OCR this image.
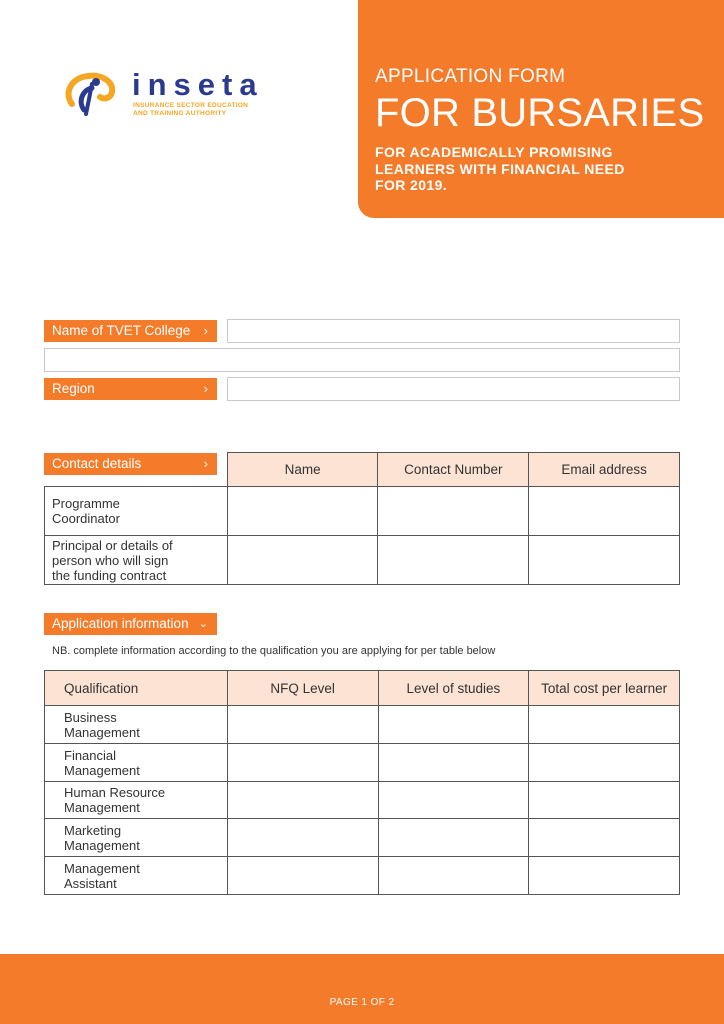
inseta
INSURANCE SECTOR EDUCATION
AND TRAINING AUTHORITY
APPLICATION FORM
FOR BURSARIES
FOR ACADEMICALLY PROMISING
LEARNERS WITH FINANCIAL NEED
FOR 2019.
Name of TVET College ›
Region	›
Contact details	›
		Name	Contact Number	Email address

Programme
Coordinator			

Principal or details of
person who will sign
the funding contract			

Application information ⌄
NB. complete information according to the qualification you are applying for per table below
Qualification	NFQ Level	Level of studies	Total cost per learner

Business
Management			

Financial
Management			

Human Resource
Management			

Marketing
Management			

Management
Assistant			

PAGE 1 OF 2
